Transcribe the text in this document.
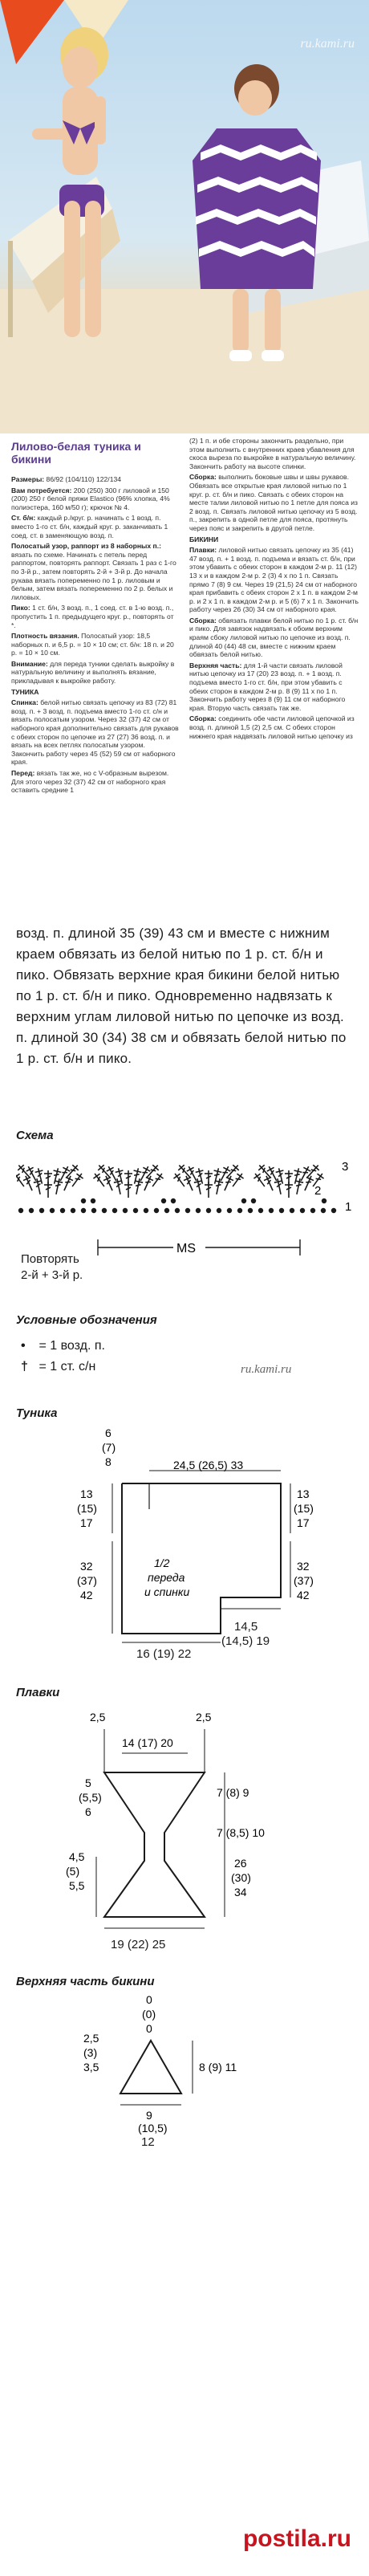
ru.kami.ru
Лилово-белая туника и бикини

Размеры: 86/92 (104/110) 122/134

Вам потребуется: 200 (250) 300 г лиловой и 150 (200) 250 г белой пряжи Elastico (96% хлопка, 4% полиэстера, 160 м/50 г); крючок № 4.

Ст. б/н: каждый р./круг. р. начинать с 1 возд. п. вместо 1-го ст. б/н, каждый круг. р. заканчивать 1 соед. ст. в заменяющую возд. п.

Полосатый узор, раппорт из 8 наборных п.: вязать по схеме. Начинать с петель перед раппортом, повторять раппорт. Связать 1 раз с 1-го по 3-й р., затем повторять 2-й + 3-й р. До начала рукава вязать попеременно по 1 р. лиловым и белым, затем вязать попеременно по 2 р. белых и лиловых.

Пико: 1 ст. б/н, 3 возд. п., 1 соед. ст. в 1-ю возд. п., пропустить 1 п. предыдущего круг. р., повторять от *.

Плотность вязания. Полосатый узор: 18,5 наборных п. и 6,5 р. = 10 × 10 см; ст. б/н: 18 п. и 20 р. = 10 × 10 см.

Внимание: для переда туники сделать выкройку в натуральную величину и выполнять вязание, прикладывая к выкройке работу.

ТУНИКА

Спинка: белой нитью связать цепочку из 83 (72) 81 возд. п. + 3 возд. п. подъема вместо 1-го ст. с/н и вязать полосатым узором. Через 32 (37) 42 см от наборного края дополнительно связать для рукавов с обеих сторон по цепочке из 27 (27) 36 возд. п. и вязать на всех петлях полосатым узором. Закончить работу через 45 (52) 59 см от наборного края.

Перед: вязать так же, но с V-образным вырезом. Для этого через 32 (37) 42 см от наборного края оставить средние 1

(2) 1 п. и обе стороны закончить раздельно, при этом выполнить с внутренних краев убавления для скоса выреза по выкройке в натуральную величину. Закончить работу на высоте спинки.

Сборка: выполнить боковые швы и швы рукавов. Обвязать все открытые края лиловой нитью по 1 круг. р. ст. б/н и пико. Связать с обеих сторон на месте талии лиловой нитью по 1 петле для пояса из 2 возд. п. Связать лиловой нитью цепочку из 5 возд. п., закрепить в одной петле для пояса, протянуть через пояс и закрепить в другой петле.

БИКИНИ

Плавки: лиловой нитью связать цепочку из 35 (41) 47 возд. п. + 1 возд. п. подъема и вязать ст. б/н, при этом убавить с обеих сторон в каждом 2-м р. 11 (12) 13 х и в каждом 2-м р. 2 (3) 4 х по 1 п. Связать прямо 7 (8) 9 см. Через 19 (21,5) 24 см от наборного края прибавить с обеих сторон 2 х 1 п. в каждом 2-м р. и 2 х 1 п. в каждом 2-м р. и 5 (6) 7 х 1 п. Закончить работу через 26 (30) 34 см от наборного края.

Сборка: обвязать плавки белой нитью по 1 р. ст. б/н и пико. Для завязок надвязать к обоим верхним краям сбоку лиловой нитью по цепочке из возд. п. длиной 40 (44) 48 см, вместе с нижним краем обвязать белой нитью.

Верхняя часть: для 1-й части связать лиловой нитью цепочку из 17 (20) 23 возд. п. + 1 возд. п. подъема вместо 1-го ст. б/н, при этом убавить с обеих сторон в каждом 2-м р. 8 (9) 11 х по 1 п. Закончить работу через 8 (9) 11 см от наборного края. Вторую часть связать так же.

Сборка: соединить обе части лиловой цепочкой из возд. п. длиной 1,5 (2) 2,5 см. С обеих сторон нижнего края надвязать лиловой нитью цепочку из

возд. п. длиной 35 (39) 43 см и вместе с нижним краем обвязать из белой нитью по 1 р. ст. б/н и пико. Обвязать верхние края бикини белой нитью по 1 р. ст. б/н и пико. Одновременно надвязать к верхним углам лиловой нитью по цепочке из возд. п. длиной 30 (34) 38 см и обвязать белой нитью по 1 р. ст. б/н и пико.
Схема
3
2
1
MS
Повторять
2-й + 3-й р.
Условные обозначения
• = 1 возд. п.
† = 1 ст. с/н	ru.kami.ru
Туника
6
(7)
8	24,5 (26,5) 33
13
(15)
17
13
(15)
17
32
(37)
42
32
(37)
42
1/2
переда
и спинки
16 (19) 22
14,5
(14,5) 19
Плавки
2,5	2,5
14 (17) 20
5
(5,5)
6
7 (8,5) 10
4,5
(5)
5,5
7 (8) 9
26
(30)
34
19 (22) 25
Верхняя часть бикини
0
(0)
0
2,5
(3)
3,5	8 (9) 11
9
(10,5)
12
postila.ru
